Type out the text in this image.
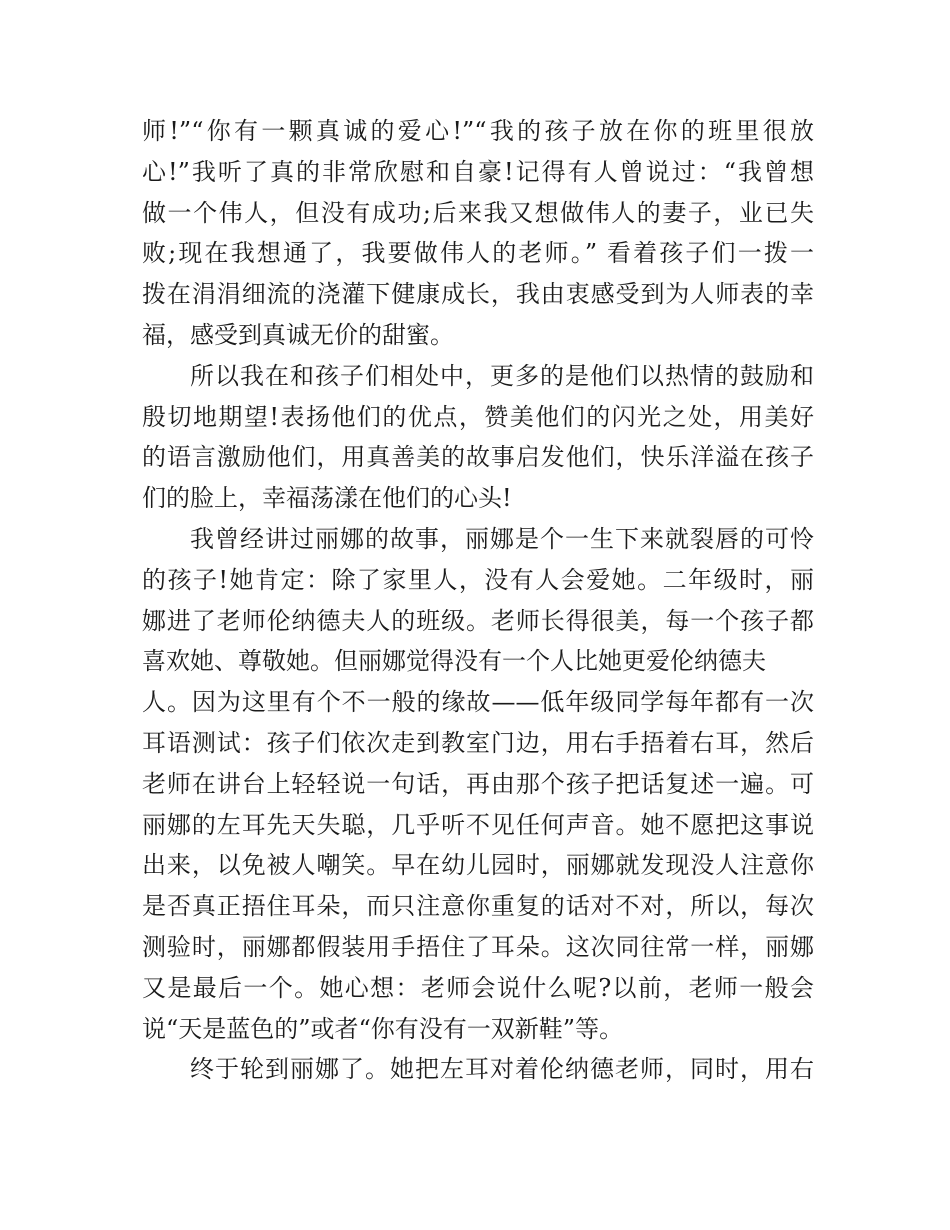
师!”“你有一颗真诚的爱心!”“我的孩子放在你的班里很放
心!”我听了真的非常欣慰和自豪!记得有人曾说过：“我曾想
做一个伟人，但没有成功;后来我又想做伟人的妻子，业已失
败;现在我想通了，我要做伟人的老师。” 看着孩子们一拨一
拨在涓涓细流的浇灌下健康成长，我由衷感受到为人师表的幸
福，感受到真诚无价的甜蜜。
所以我在和孩子们相处中，更多的是他们以热情的鼓励和
殷切地期望!表扬他们的优点，赞美他们的闪光之处，用美好
的语言激励他们，用真善美的故事启发他们，快乐洋溢在孩子
们的脸上，幸福荡漾在他们的心头!
我曾经讲过丽娜的故事，丽娜是个一生下来就裂唇的可怜
的孩子!她肯定：除了家里人，没有人会爱她。二年级时，丽
娜进了老师伦纳德夫人的班级。老师长得很美，每一个孩子都
喜欢她、尊敬她。但丽娜觉得没有一个人比她更爱伦纳德夫
人。因为这里有个不一般的缘故——低年级同学每年都有一次
耳语测试：孩子们依次走到教室门边，用右手捂着右耳，然后
老师在讲台上轻轻说一句话，再由那个孩子把话复述一遍。可
丽娜的左耳先天失聪，几乎听不见任何声音。她不愿把这事说
出来，以免被人嘲笑。早在幼儿园时，丽娜就发现没人注意你
是否真正捂住耳朵，而只注意你重复的话对不对，所以，每次
测验时，丽娜都假装用手捂住了耳朵。这次同往常一样，丽娜
又是最后一个。她心想：老师会说什么呢?以前，老师一般会
说“天是蓝色的”或者“你有没有一双新鞋”等。
终于轮到丽娜了。她把左耳对着伦纳德老师，同时，用右
